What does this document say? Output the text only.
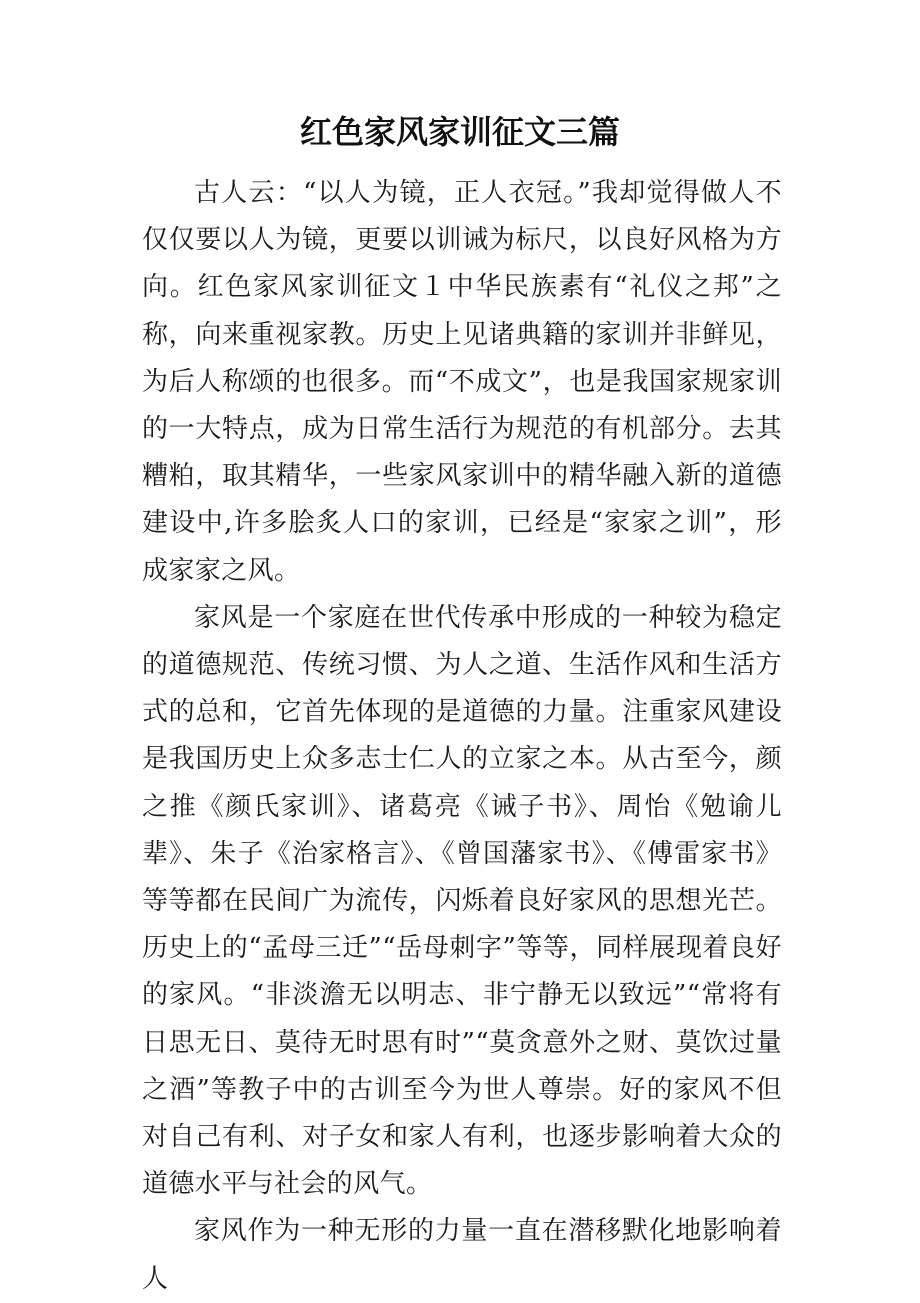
红色家风家训征文三篇

古人云：“以人为镜，正人衣冠。”我却觉得做人不仅仅要以人为镜，更要以训诫为标尺，以良好风格为方向。红色家风家训征文１中华民族素有“礼仪之邦”之称，向来重视家教。历史上见诸典籍的家训并非鲜见，为后人称颂的也很多。而“不成文”，也是我国家规家训的一大特点，成为日常生活行为规范的有机部分。去其糟粕，取其精华，一些家风家训中的精华融入新的道德建设中,许多脍炙人口的家训，已经是“家家之训”，形成家家之风。

家风是一个家庭在世代传承中形成的一种较为稳定的道德规范、传统习惯、为人之道、生活作风和生活方式的总和，它首先体现的是道德的力量。注重家风建设是我国历史上众多志士仁人的立家之本。从古至今，颜之推《颜氏家训》、诸葛亮《诫子书》、周怡《勉谕儿辈》、朱子《治家格言》、《曾国藩家书》、《傅雷家书》等等都在民间广为流传，闪烁着良好家风的思想光芒。历史上的“孟母三迁”“岳母刺字”等等，同样展现着良好的家风。“非淡澹无以明志、非宁静无以致远”“常将有日思无日、莫待无时思有时”“莫贪意外之财、莫饮过量之酒”等教子中的古训至今为世人尊崇。好的家风不但对自己有利、对子女和家人有利，也逐步影响着大众的道德水平与社会的风气。

家风作为一种无形的力量一直在潜移默化地影响着人
